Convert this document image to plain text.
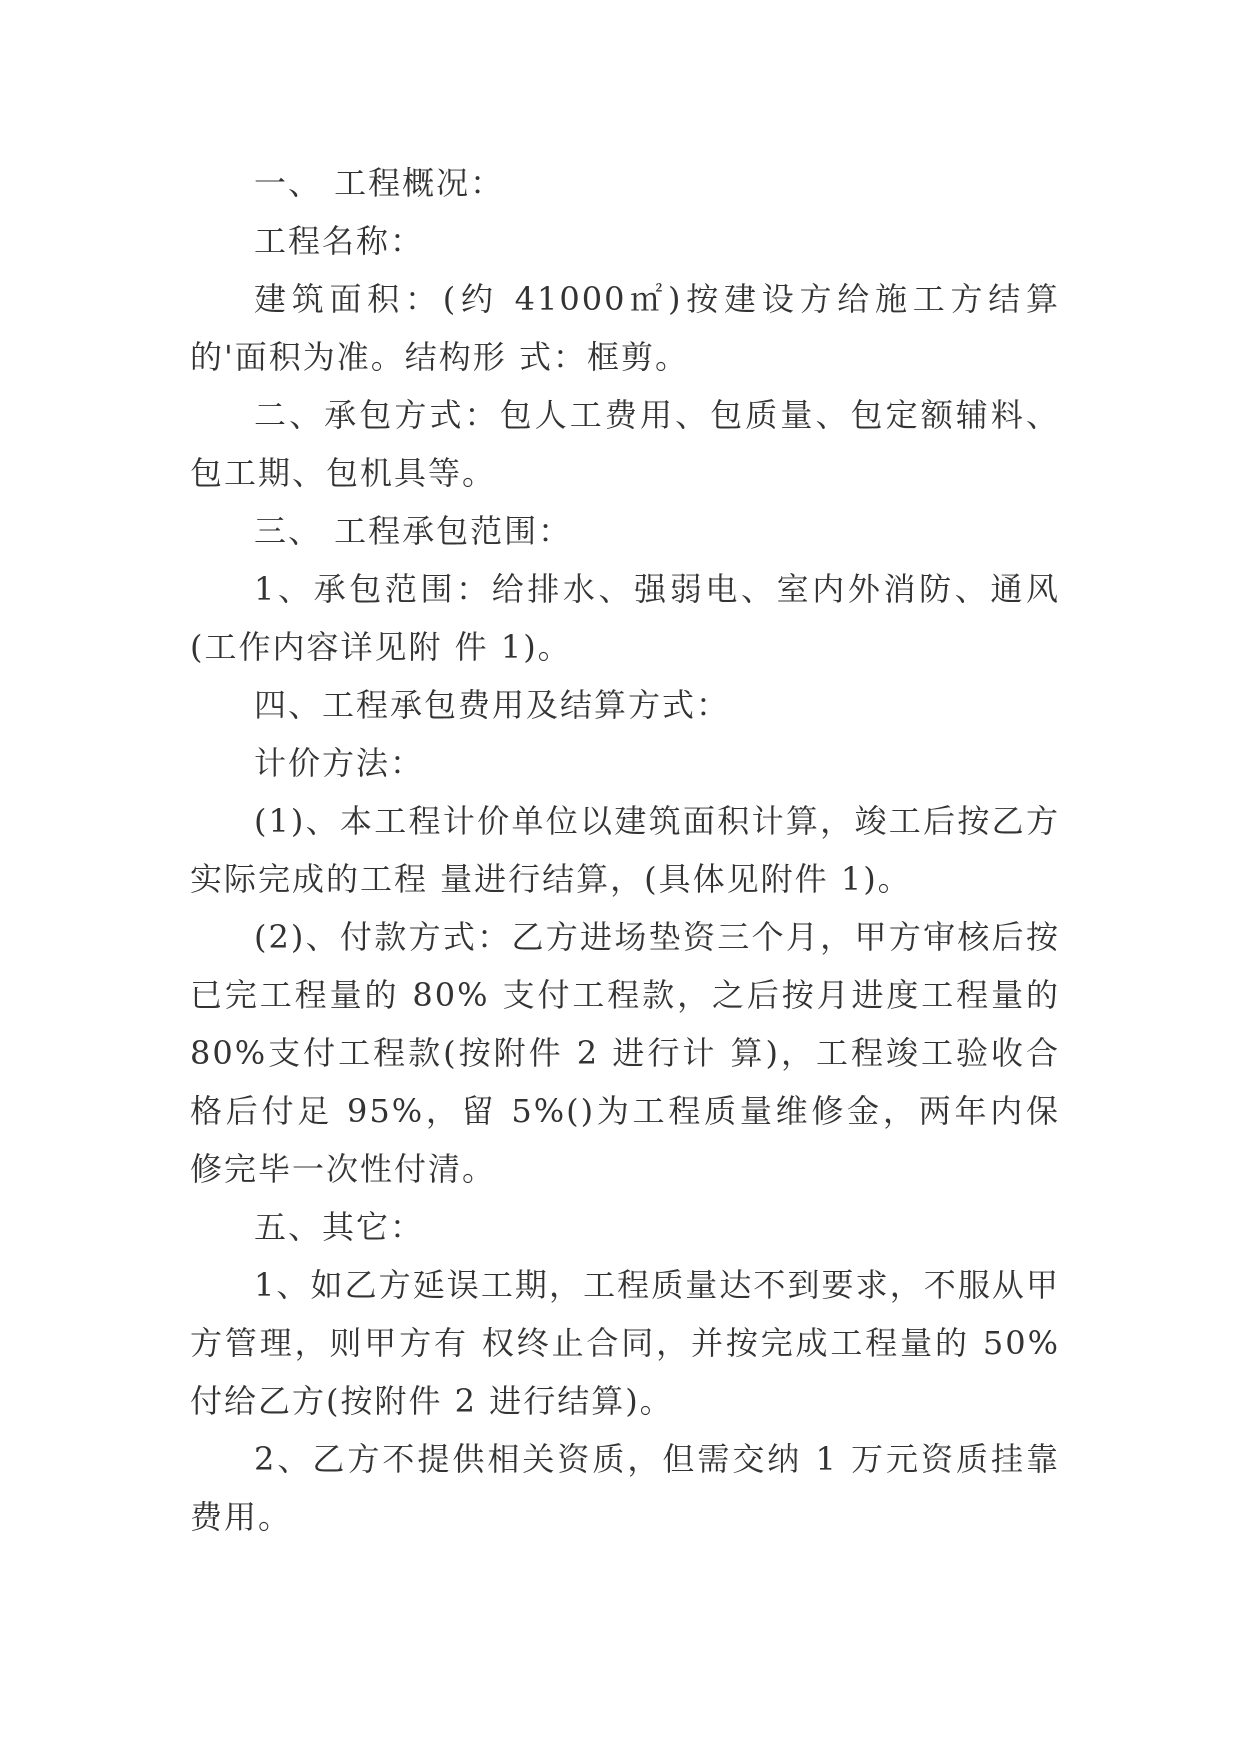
一、 工程概况：

工程名称：

建筑面积：(约 41000㎡)按建设方给施工方结算的'面积为准。结构形 式：框剪。

二、承包方式：包人工费用、包质量、包定额辅料、包工期、包机具等。

三、 工程承包范围：

1、承包范围：给排水、强弱电、室内外消防、通风(工作内容详见附 件 1)。

四、工程承包费用及结算方式：

计价方法：

(1)、本工程计价单位以建筑面积计算，竣工后按乙方实际完成的工程 量进行结算，(具体见附件 1)。

(2)、付款方式：乙方进场垫资三个月，甲方审核后按已完工程量的 80% 支付工程款，之后按月进度工程量的 80%支付工程款(按附件 2 进行计 算)，工程竣工验收合格后付足 95%，留 5%()为工程质量维修金，两年内保 修完毕一次性付清。

五、其它：

1、如乙方延误工期，工程质量达不到要求，不服从甲方管理，则甲方有 权终止合同，并按完成工程量的 50%付给乙方(按附件 2 进行结算)。

2、乙方不提供相关资质，但需交纳 1 万元资质挂靠费用。
